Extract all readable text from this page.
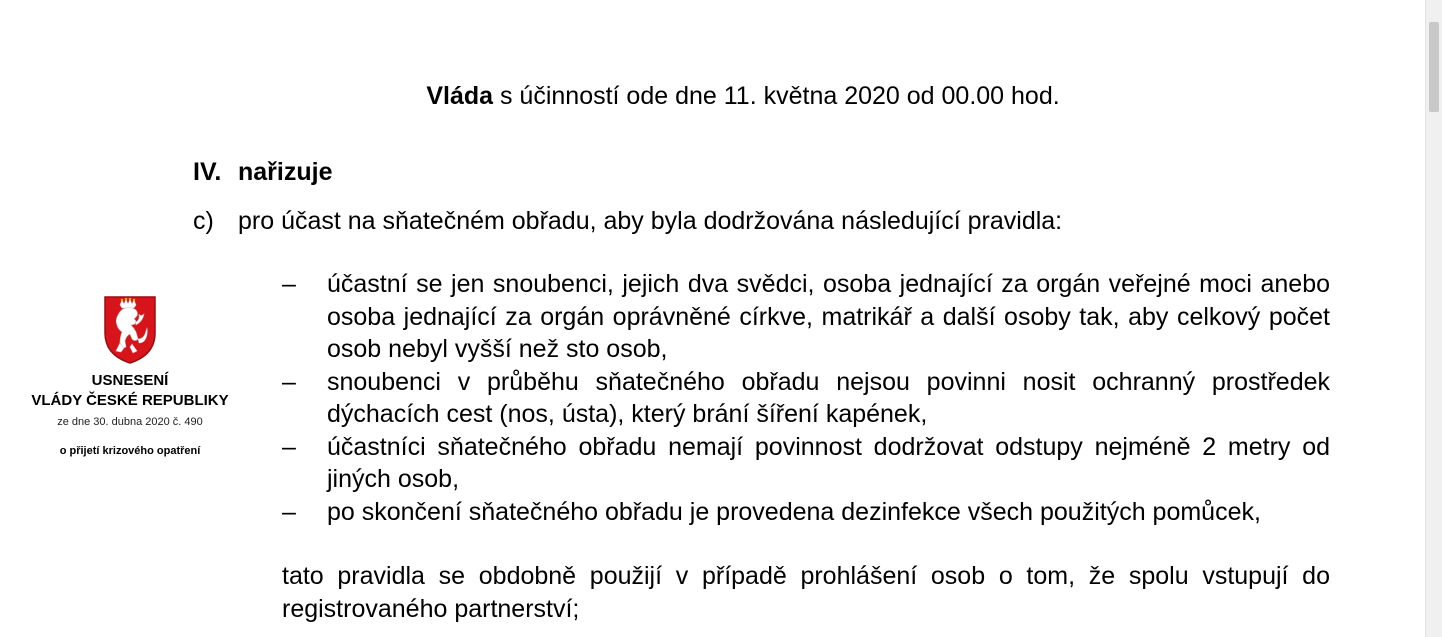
Vláda s účinností ode dne 11. května 2020 od 00.00 hod.
IV. nařizuje
c) pro účast na sňatečném obřadu, aby byla dodržována následující pravidla:
– účastní se jen snoubenci, jejich dva svědci, osoba jednající za orgán veřejné moci anebo osoba jednající za orgán oprávněné církve, matrikář a další osoby tak, aby celkový počet osob nebyl vyšší než sto osob,
– snoubenci v průběhu sňatečného obřadu nejsou povinni nosit ochranný prostředek dýchacích cest (nos, ústa), který brání šíření kapének,
– účastníci sňatečného obřadu nemají povinnost dodržovat odstupy nejméně 2 metry od jiných osob,
– po skončení sňatečného obřadu je provedena dezinfekce všech použitých pomůcek,
tato pravidla se obdobně použijí v případě prohlášení osob o tom, že spolu vstupují do registrovaného partnerství;
USNESENÍ
VLÁDY ČESKÉ REPUBLIKY
ze dne 30. dubna 2020 č. 490
o přijetí krizového opatření
